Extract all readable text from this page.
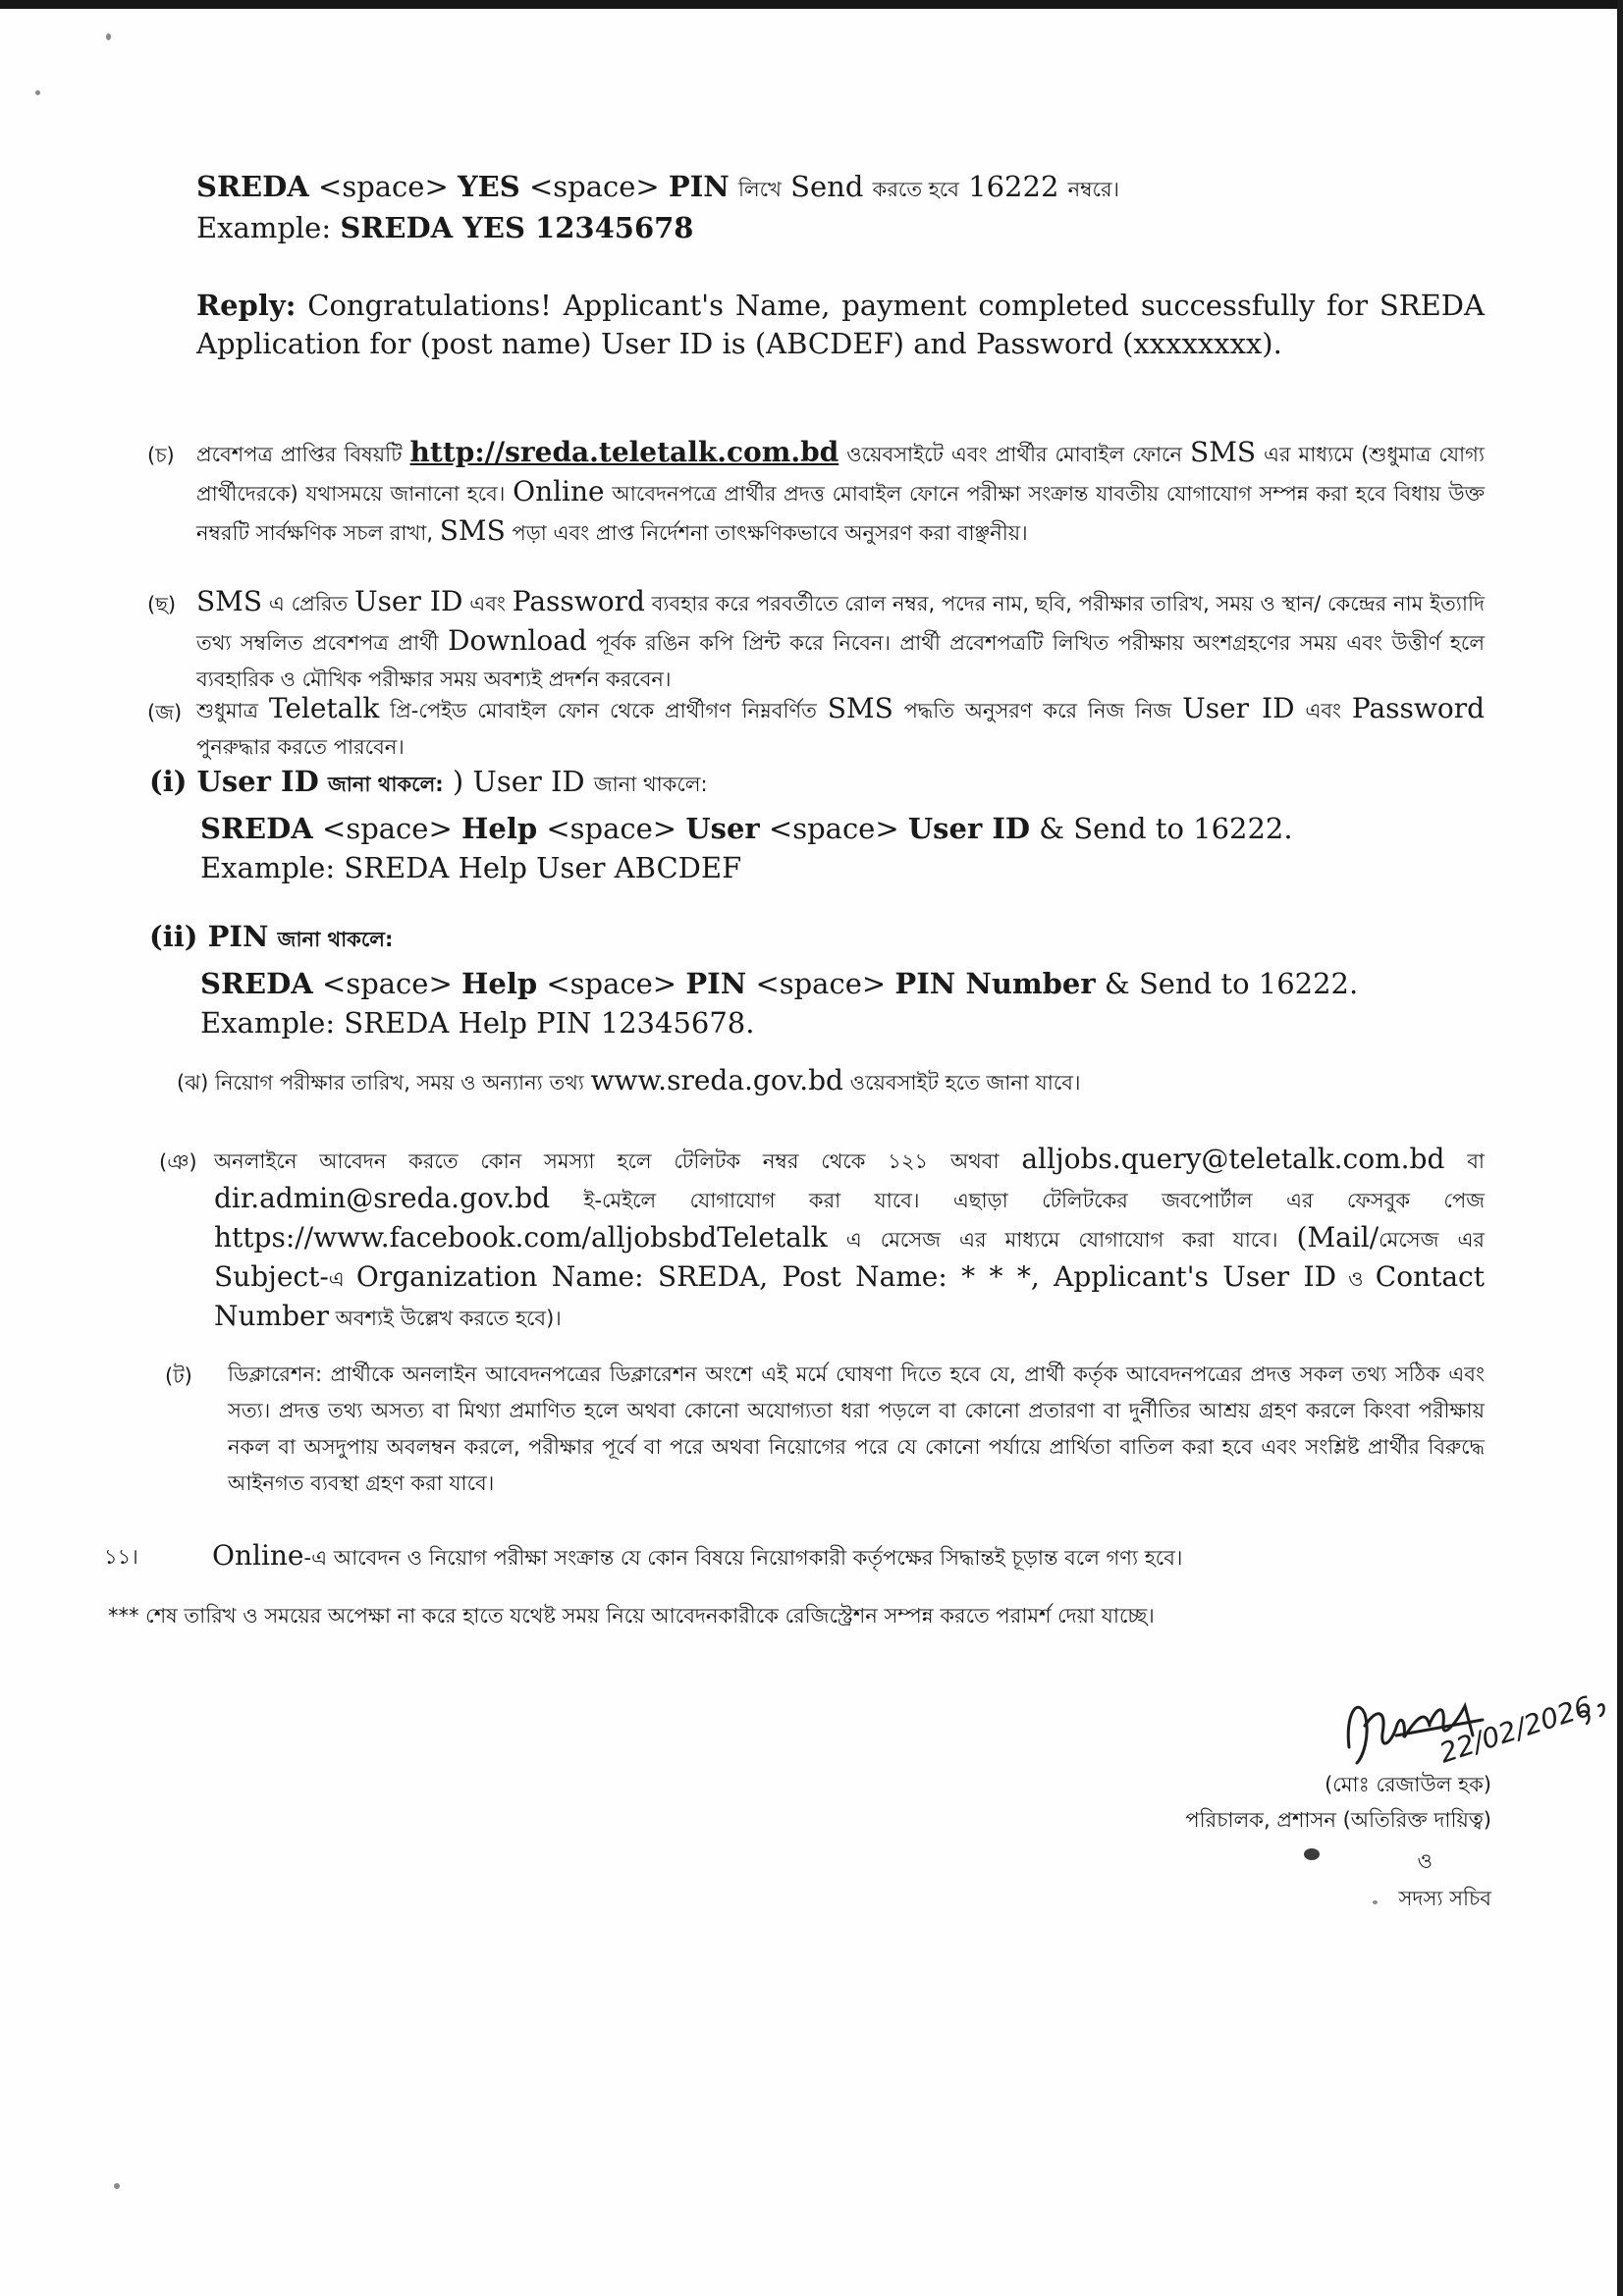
SREDA <space> YES <space> PIN লিখে Send করতে হবে 16222 নম্বরে।
Example: SREDA YES 12345678
Reply: Congratulations! Applicant's Name, payment completed successfully for SREDA Application for (post name) User ID is (ABCDEF) and Password (xxxxxxxx).
(চ) প্রবেশপত্র প্রাপ্তির বিষয়টি http://sreda.teletalk.com.bd ওয়েবসাইটে এবং প্রার্থীর মোবাইল ফোনে SMS এর মাধ্যমে (শুধুমাত্র যোগ্য প্রার্থীদেরকে) যথাসময়ে জানানো হবে। Online আবেদনপত্রে প্রার্থীর প্রদত্ত মোবাইল ফোনে পরীক্ষা সংক্রান্ত যাবতীয় যোগাযোগ সম্পন্ন করা হবে বিধায় উক্ত নম্বরটি সার্বক্ষণিক সচল রাখা, SMS পড়া এবং প্রাপ্ত নির্দেশনা তাৎক্ষণিকভাবে অনুসরণ করা বাঞ্ছনীয়।
(ছ) SMS এ প্রেরিত User ID এবং Password ব্যবহার করে পরবর্তীতে রোল নম্বর, পদের নাম, ছবি, পরীক্ষার তারিখ, সময় ও স্থান/ কেন্দ্রের নাম ইত্যাদি তথ্য সম্বলিত প্রবেশপত্র প্রার্থী Download পূর্বক রঙিন কপি প্রিন্ট করে নিবেন। প্রার্থী প্রবেশপত্রটি লিখিত পরীক্ষায় অংশগ্রহণের সময় এবং উত্তীর্ণ হলে ব্যবহারিক ও মৌখিক পরীক্ষার সময় অবশ্যই প্রদর্শন করবেন।
(জ) শুধুমাত্র Teletalk প্রি-পেইড মোবাইল ফোন থেকে প্রার্থীগণ নিম্নবর্ণিত SMS পদ্ধতি অনুসরণ করে নিজ নিজ User ID এবং Password পুনরুদ্ধার করতে পারবেন।
(i) User ID জানা থাকলে: ) User ID জানা থাকলে:
SREDA <space> Help <space> User <space> User ID & Send to 16222.
Example: SREDA Help User ABCDEF
(ii) PIN জানা থাকলে:
SREDA <space> Help <space> PIN <space> PIN Number & Send to 16222.
Example: SREDA Help PIN 12345678.
(ঝ) নিয়োগ পরীক্ষার তারিখ, সময় ও অন্যান্য তথ্য www.sreda.gov.bd ওয়েবসাইট হতে জানা যাবে।
(ঞ) অনলাইনে আবেদন করতে কোন সমস্যা হলে টেলিটক নম্বর থেকে ১২১ অথবা alljobs.query@teletalk.com.bd বা dir.admin@sreda.gov.bd ই-মেইলে যোগাযোগ করা যাবে। এছাড়া টেলিটকের জবপোর্টাল এর ফেসবুক পেজ https://www.facebook.com/alljobsbdTeletalk এ মেসেজ এর মাধ্যমে যোগাযোগ করা যাবে। (Mail/মেসেজ এর Subject-এ Organization Name: SREDA, Post Name: * * *, Applicant's User ID ও Contact Number অবশ্যই উল্লেখ করতে হবে)।
(ট) ডিক্লারেশন: প্রার্থীকে অনলাইন আবেদনপত্রের ডিক্লারেশন অংশে এই মর্মে ঘোষণা দিতে হবে যে, প্রার্থী কর্তৃক আবেদনপত্রের প্রদত্ত সকল তথ্য সঠিক এবং সত্য। প্রদত্ত তথ্য অসত্য বা মিথ্যা প্রমাণিত হলে অথবা কোনো অযোগ্যতা ধরা পড়লে বা কোনো প্রতারণা বা দুর্নীতির আশ্রয় গ্রহণ করলে কিংবা পরীক্ষায় নকল বা অসদুপায় অবলম্বন করলে, পরীক্ষার পূর্বে বা পরে অথবা নিয়োগের পরে যে কোনো পর্যায়ে প্রার্থিতা বাতিল করা হবে এবং সংশ্লিষ্ট প্রার্থীর বিরুদ্ধে আইনগত ব্যবস্থা গ্রহণ করা যাবে।
১১।	Online-এ আবেদন ও নিয়োগ পরীক্ষা সংক্রান্ত যে কোন বিষয়ে নিয়োগকারী কর্তৃপক্ষের সিদ্ধান্তই চূড়ান্ত বলে গণ্য হবে।
*** শেষ তারিখ ও সময়ের অপেক্ষা না করে হাতে যথেষ্ট সময় নিয়ে আবেদনকারীকে রেজিস্ট্রেশন সম্পন্ন করতে পরামর্শ দেয়া যাচ্ছে।
22/02/2026
(মোঃ রেজাউল হক)
পরিচালক, প্রশাসন (অতিরিক্ত দায়িত্ব)
ও
সদস্য সচিব
